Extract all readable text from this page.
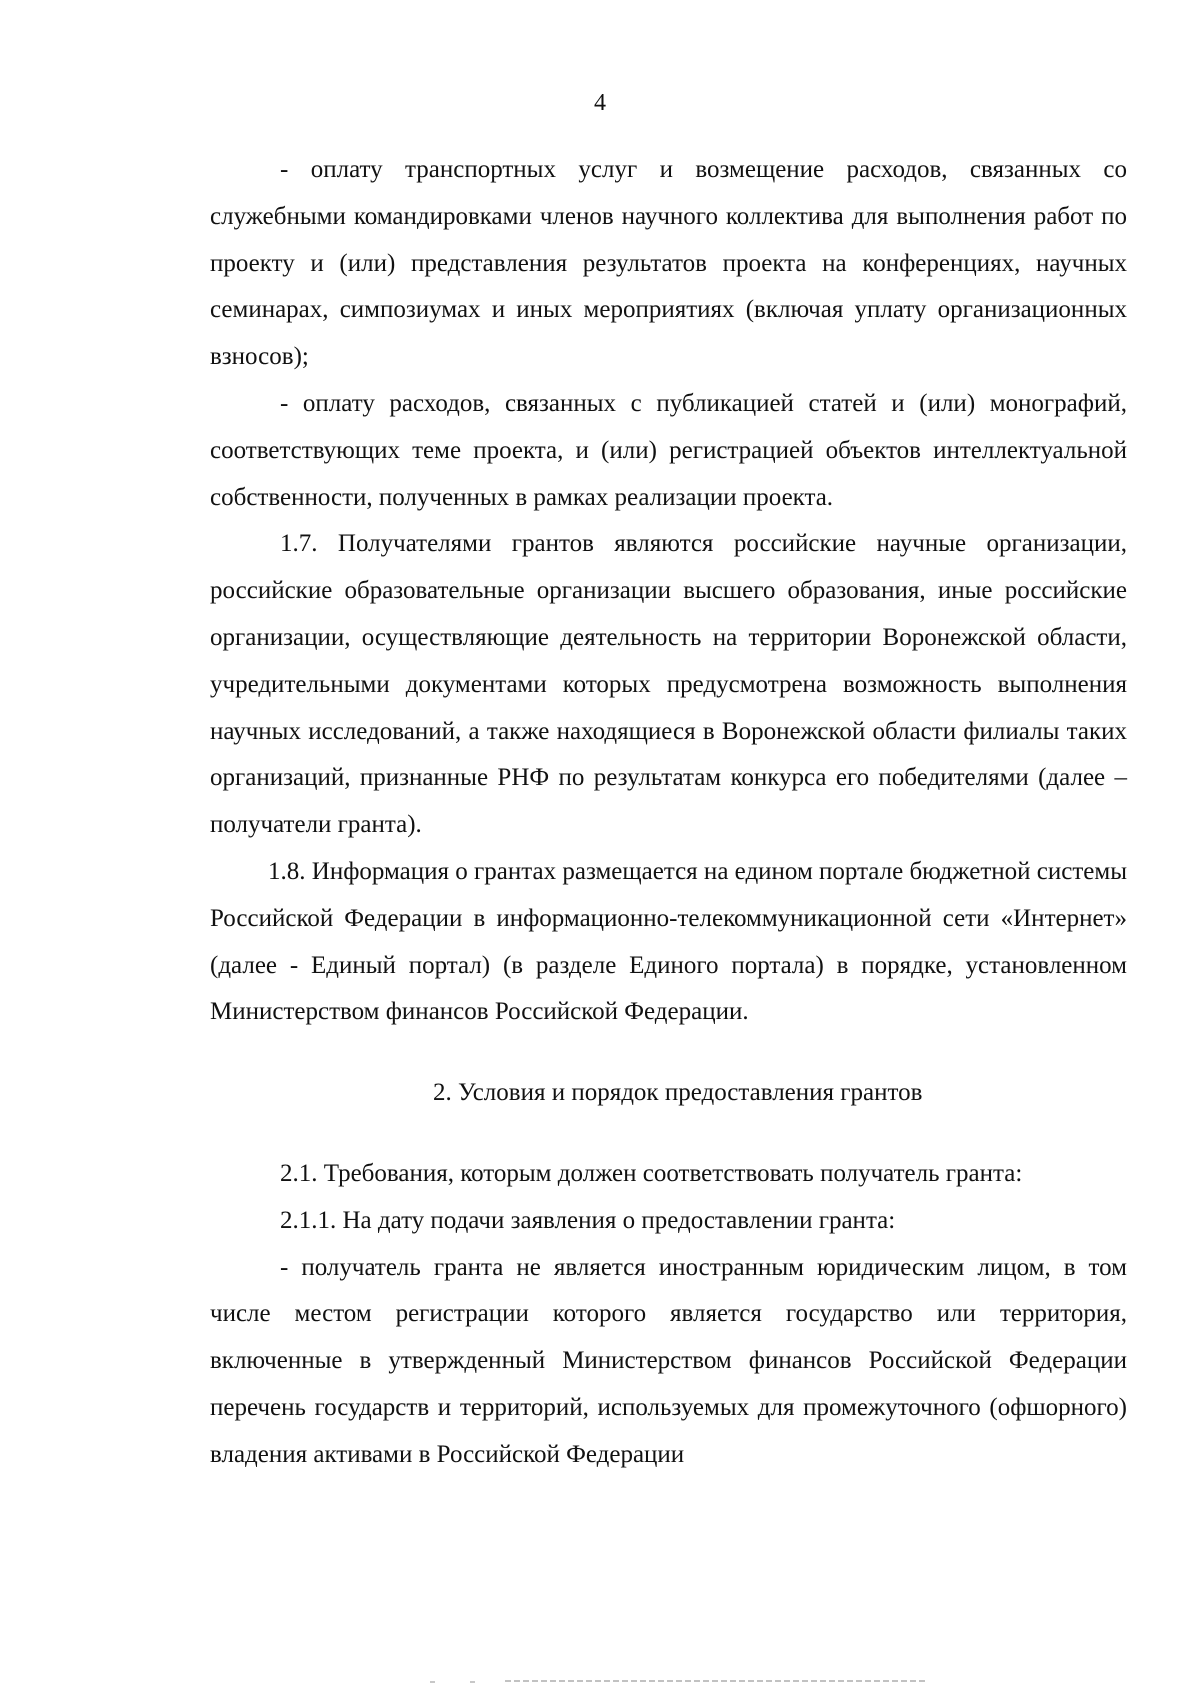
4

- оплату транспортных услуг и возмещение расходов, связанных со служебными командировками членов научного коллектива для выполнения работ по проекту и (или) представления результатов проекта на конференциях, научных семинарах, симпозиумах и иных мероприятиях (включая уплату организационных взносов);

- оплату расходов, связанных с публикацией статей и (или) монографий, соответствующих теме проекта, и (или) регистрацией объектов интеллектуальной собственности, полученных в рамках реализации проекта.

1.7. Получателями грантов являются российские научные организации, российские образовательные организации высшего образования, иные российские организации, осуществляющие деятельность на территории Воронежской области, учредительными документами которых предусмотрена возможность выполнения научных исследований, а также находящиеся в Воронежской области филиалы таких организаций, признанные РНФ по результатам конкурса его победителями (далее – получатели гранта).

1.8. Информация о грантах размещается на едином портале бюджетной системы Российской Федерации в информационно-телекоммуникационной сети «Интернет» (далее - Единый портал) (в разделе Единого портала) в порядке, установленном Министерством финансов Российской Федерации.

2. Условия и порядок предоставления грантов

2.1. Требования, которым должен соответствовать получатель гранта:

2.1.1. На дату подачи заявления о предоставлении гранта:

- получатель гранта не является иностранным юридическим лицом, в том числе местом регистрации которого является государство или территория, включенные в утвержденный Министерством финансов Российской Федерации перечень государств и территорий, используемых для промежуточного (офшорного) владения активами в Российской Федерации
